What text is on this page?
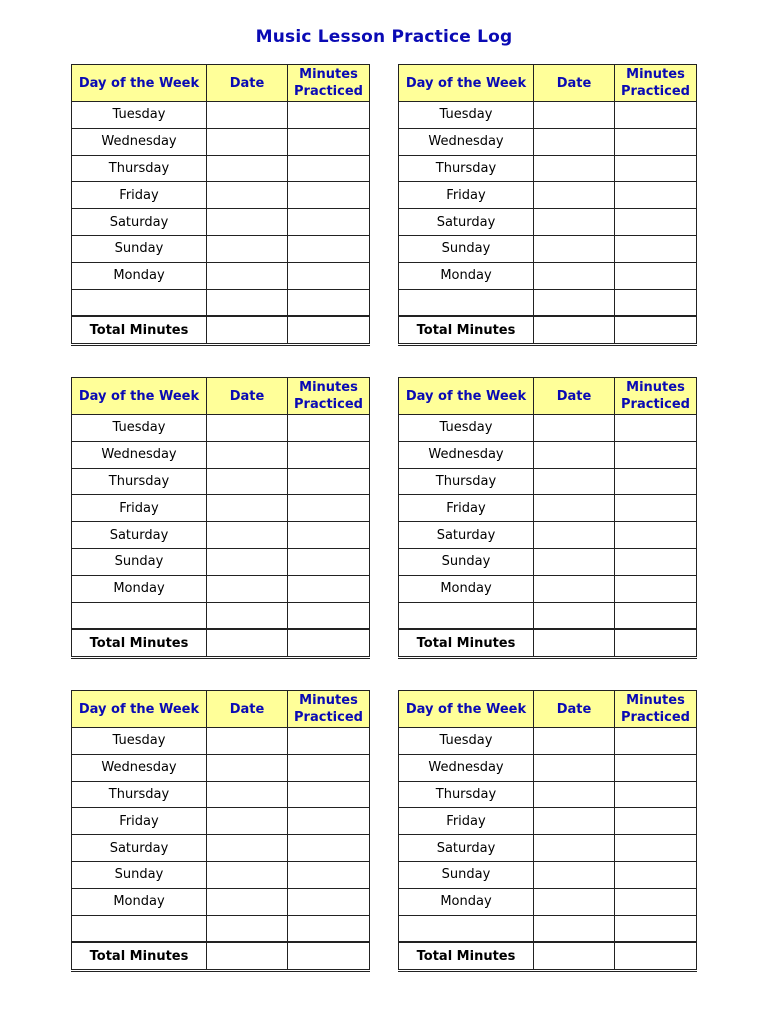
Music Lesson Practice Log
Day of the Week	Date	Minutes Practiced
Tuesday		
Wednesday		
Thursday		
Friday		
Saturday		
Sunday		
Monday		

Total Minutes		
Day of the Week	Date	Minutes Practiced
Tuesday		
Wednesday		
Thursday		
Friday		
Saturday		
Sunday		
Monday		

Total Minutes		
Day of the Week	Date	Minutes Practiced
Tuesday		
Wednesday		
Thursday		
Friday		
Saturday		
Sunday		
Monday		

Total Minutes		
Day of the Week	Date	Minutes Practiced
Tuesday		
Wednesday		
Thursday		
Friday		
Saturday		
Sunday		
Monday		

Total Minutes		
Day of the Week	Date	Minutes Practiced
Tuesday		
Wednesday		
Thursday		
Friday		
Saturday		
Sunday		
Monday		

Total Minutes		
Day of the Week	Date	Minutes Practiced
Tuesday		
Wednesday		
Thursday		
Friday		
Saturday		
Sunday		
Monday		

Total Minutes		
